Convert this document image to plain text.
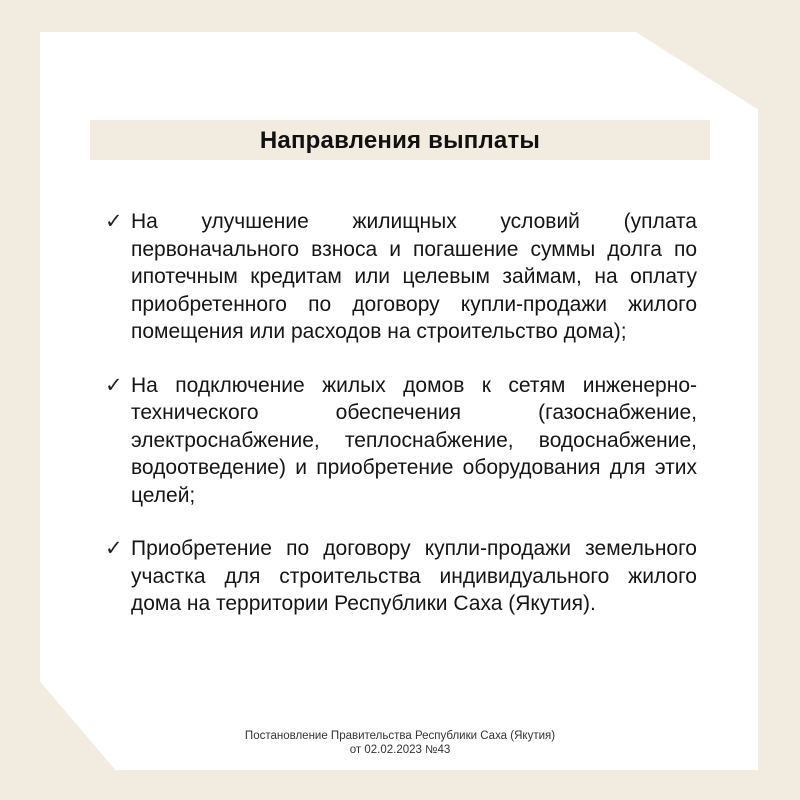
Направления выплаты
✓ На улучшение жилищных условий (уплата первоначального взноса и погашение суммы долга по ипотечным кредитам или целевым займам, на оплату приобретенного по договору купли-продажи жилого помещения или расходов на строительство дома);
✓ На подключение жилых домов к сетям инженерно-технического обеспечения (газоснабжение, электроснабжение, теплоснабжение, водоснабжение, водоотведение) и приобретение оборудования для этих целей;
✓ Приобретение по договору купли-продажи земельного участка для строительства индивидуального жилого дома на территории Республики Саха (Якутия).
Постановление Правительства Республики Саха (Якутия)
от 02.02.2023 №43
